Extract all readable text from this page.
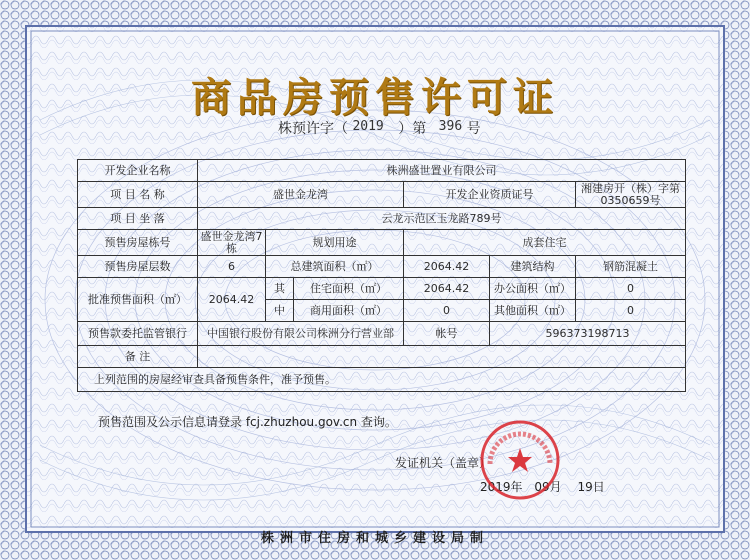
商品房预售许可证
株预许字（ 2019 ）第 396 号
开发企业名称	株洲盛世置业有限公司					
项 目 名 称	盛世金龙湾			开发企业资质证号		湘建房开（株）字第0350659号
项 目 坐 落	云龙示范区玉龙路789号					
预售房屋栋号	盛世金龙湾7栋	规划用途		成套住宅		
预售房屋层数	6	总建筑面积（㎡）		2064.42	建筑结构	钢筋混凝土
批准预售面积（㎡）	2064.42	其	住宅面积（㎡）	2064.42	办公面积（㎡）	0
		中	商用面积（㎡）	0	其他面积（㎡）	0
预售款委托监管银行	中国银行股份有限公司株洲分行营业部			帐号	596373198713	
备 注						
上列范围的房屋经审查具备预售条件，准予预售。						
预售范围及公示信息请登录 fcj.zhuzhou.gov.cn 查询。
发证机关（盖章）
2019年 09月 19日
株洲市住房和城乡建设局制
